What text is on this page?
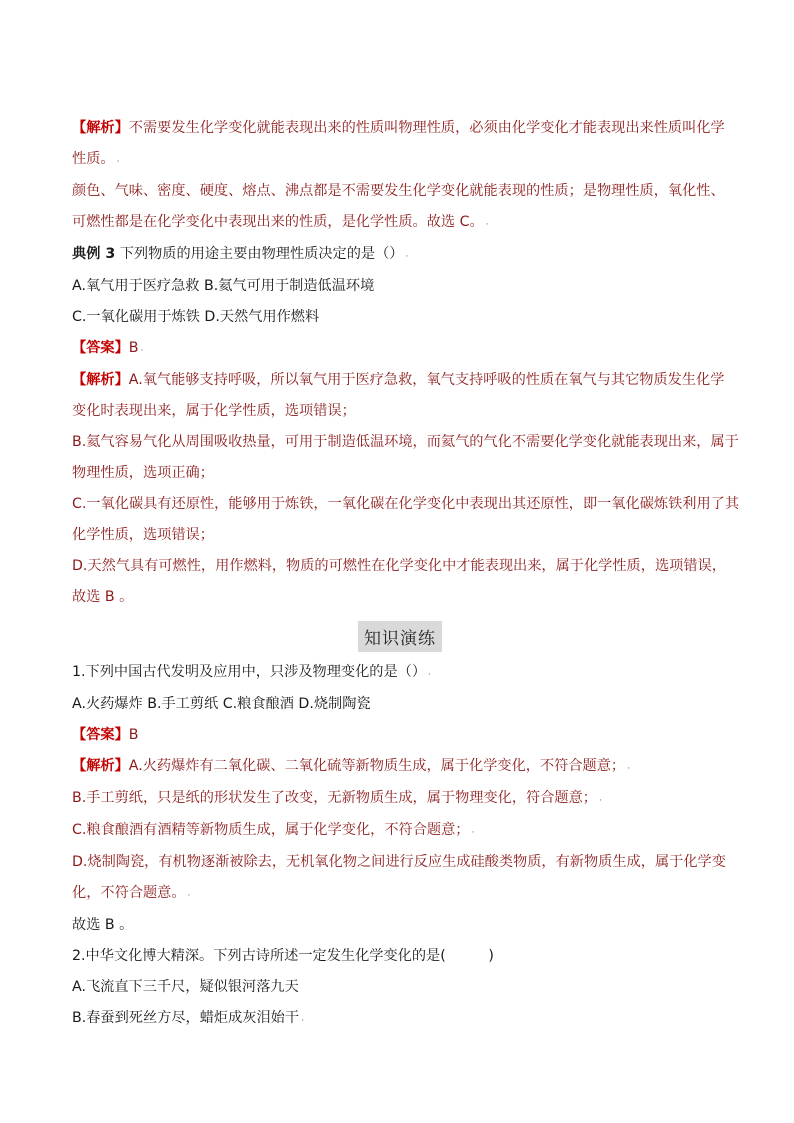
【解析】不需要发生化学变化就能表现出来的性质叫物理性质，必须由化学变化才能表现出来性质叫化学

性质。 ⸳

颜色、气味、密度、硬度、熔点、沸点都是不需要发生化学变化就能表现的性质；是物理性质，氧化性、

可燃性都是在化学变化中表现出来的性质，是化学性质。故选 C。 ⸳

典例 3 下列物质的用途主要由物理性质决定的是（） ⸳

A.氧气用于医疗急救 B.氦气可用于制造低温环境

C.一氧化碳用于炼铁 D.天然气用作燃料

【答案】B ⸳

【解析】A.氧气能够支持呼吸，所以氧气用于医疗急救，氧气支持呼吸的性质在氧气与其它物质发生化学

变化时表现出来，属于化学性质，选项错误；

B.氦气容易气化从周围吸收热量，可用于制造低温环境，而氦气的气化不需要化学变化就能表现出来，属于

物理性质，选项正确；

C.一氧化碳具有还原性，能够用于炼铁，一氧化碳在化学变化中表现出其还原性，即一氧化碳炼铁利用了其

化学性质，选项错误；

D.天然气具有可燃性，用作燃料，物质的可燃性在化学变化中才能表现出来，属于化学性质，选项错误，

故选 B 。

知识演练

1.下列中国古代发明及应用中，只涉及物理变化的是（） ⸳

A.火药爆炸 B.手工剪纸 C.粮食酿酒 D.烧制陶瓷

【答案】B

【解析】A.火药爆炸有二氧化碳、二氧化硫等新物质生成，属于化学变化，不符合题意； ⸳

B.手工剪纸，只是纸的形状发生了改变，无新物质生成，属于物理变化，符合题意； ⸳

C.粮食酿酒有酒精等新物质生成，属于化学变化，不符合题意； ⸳

D.烧制陶瓷，有机物逐渐被除去，无机氧化物之间进行反应生成硅酸类物质，有新物质生成，属于化学变

化，不符合题意。 ⸳

故选 B 。

2.中华文化博大精深。下列古诗所述一定发生化学变化的是(　　　)

A.飞流直下三千尺，疑似银河落九天

B.春蚕到死丝方尽，蜡炬成灰泪始干 ⸳
